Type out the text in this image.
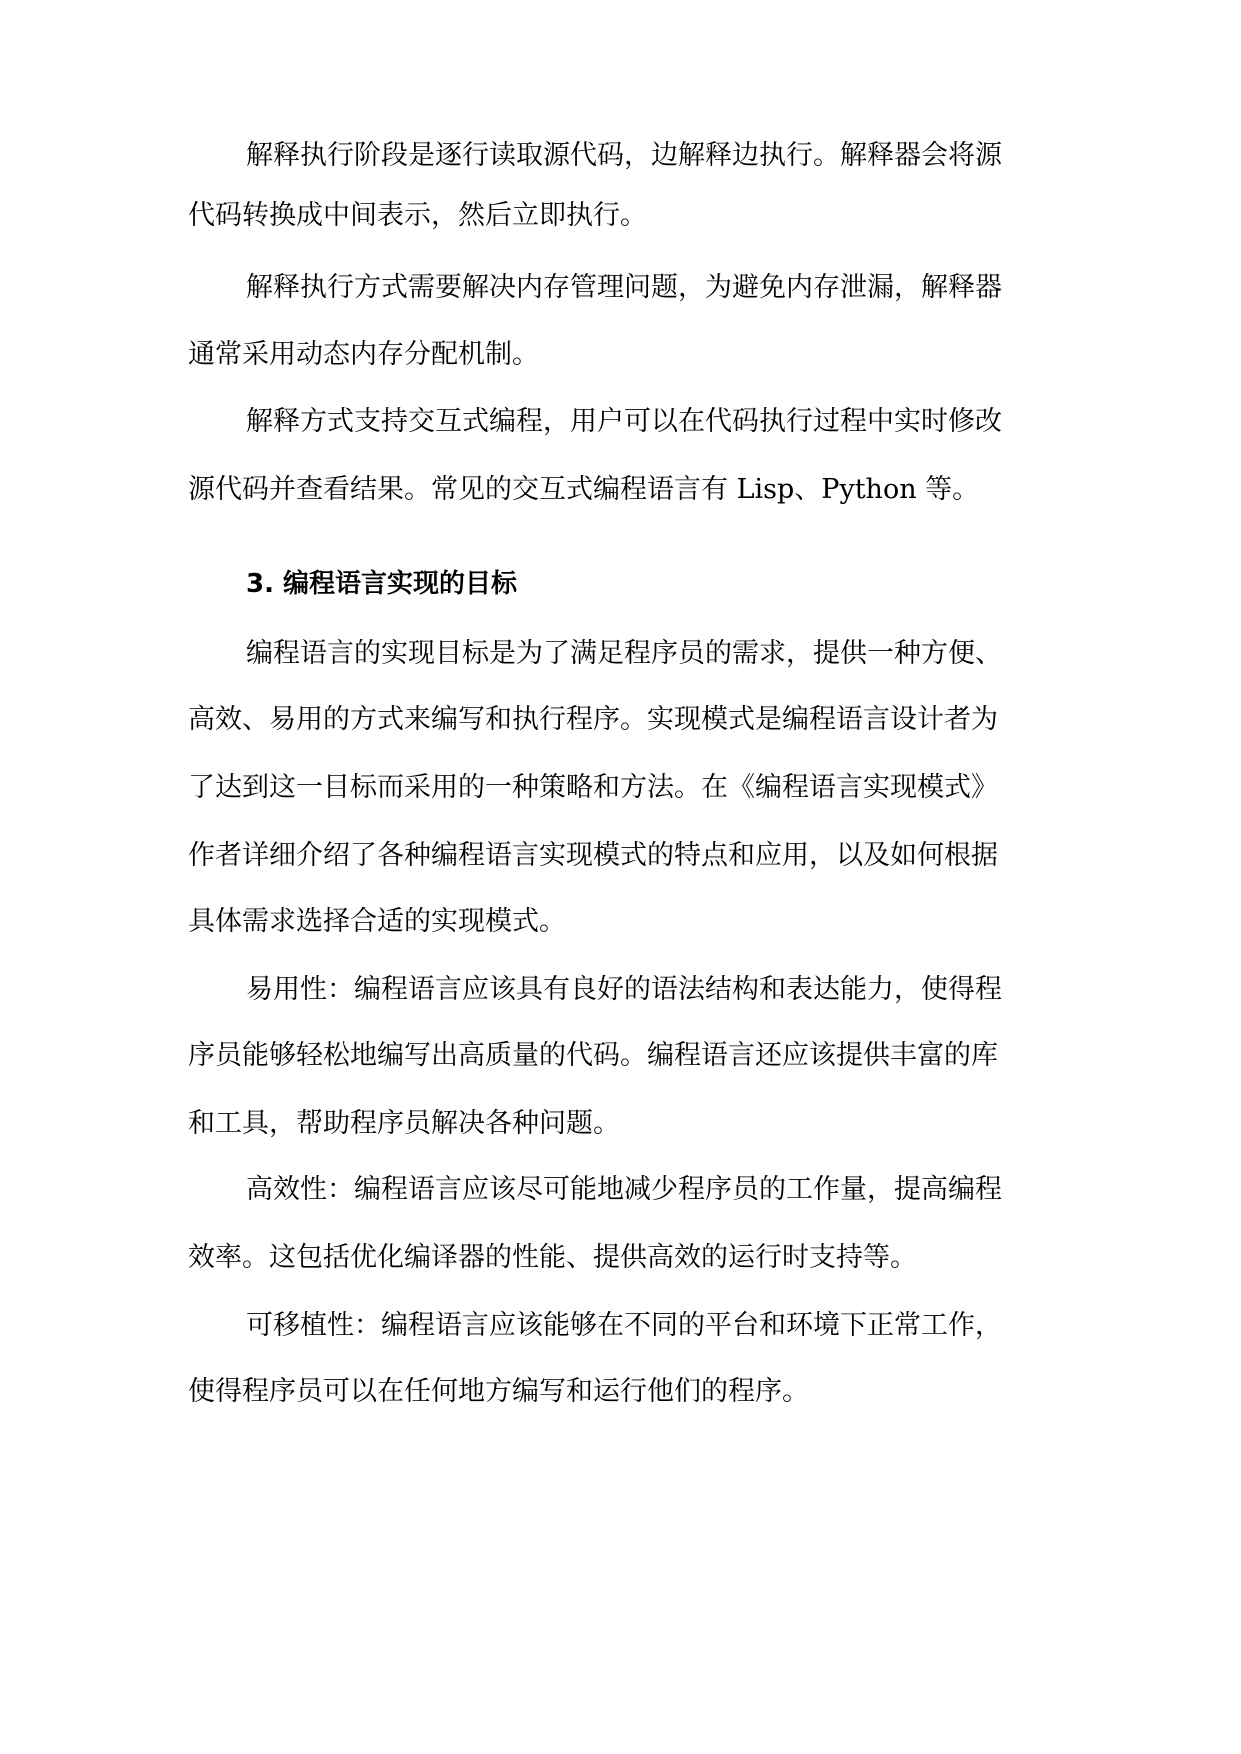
解释执行阶段是逐行读取源代码，边解释边执行。解释器会将源
代码转换成中间表示，然后立即执行。
解释执行方式需要解决内存管理问题，为避免内存泄漏，解释器
通常采用动态内存分配机制。
解释方式支持交互式编程，用户可以在代码执行过程中实时修改
源代码并查看结果。常见的交互式编程语言有 Lisp、Python 等。
3. 编程语言实现的目标
编程语言的实现目标是为了满足程序员的需求，提供一种方便、
高效、易用的方式来编写和执行程序。实现模式是编程语言设计者为
了达到这一目标而采用的一种策略和方法。在《编程语言实现模式》
作者详细介绍了各种编程语言实现模式的特点和应用，以及如何根据
具体需求选择合适的实现模式。
易用性：编程语言应该具有良好的语法结构和表达能力，使得程
序员能够轻松地编写出高质量的代码。编程语言还应该提供丰富的库
和工具，帮助程序员解决各种问题。
高效性：编程语言应该尽可能地减少程序员的工作量，提高编程
效率。这包括优化编译器的性能、提供高效的运行时支持等。
可移植性：编程语言应该能够在不同的平台和环境下正常工作，
使得程序员可以在任何地方编写和运行他们的程序。
